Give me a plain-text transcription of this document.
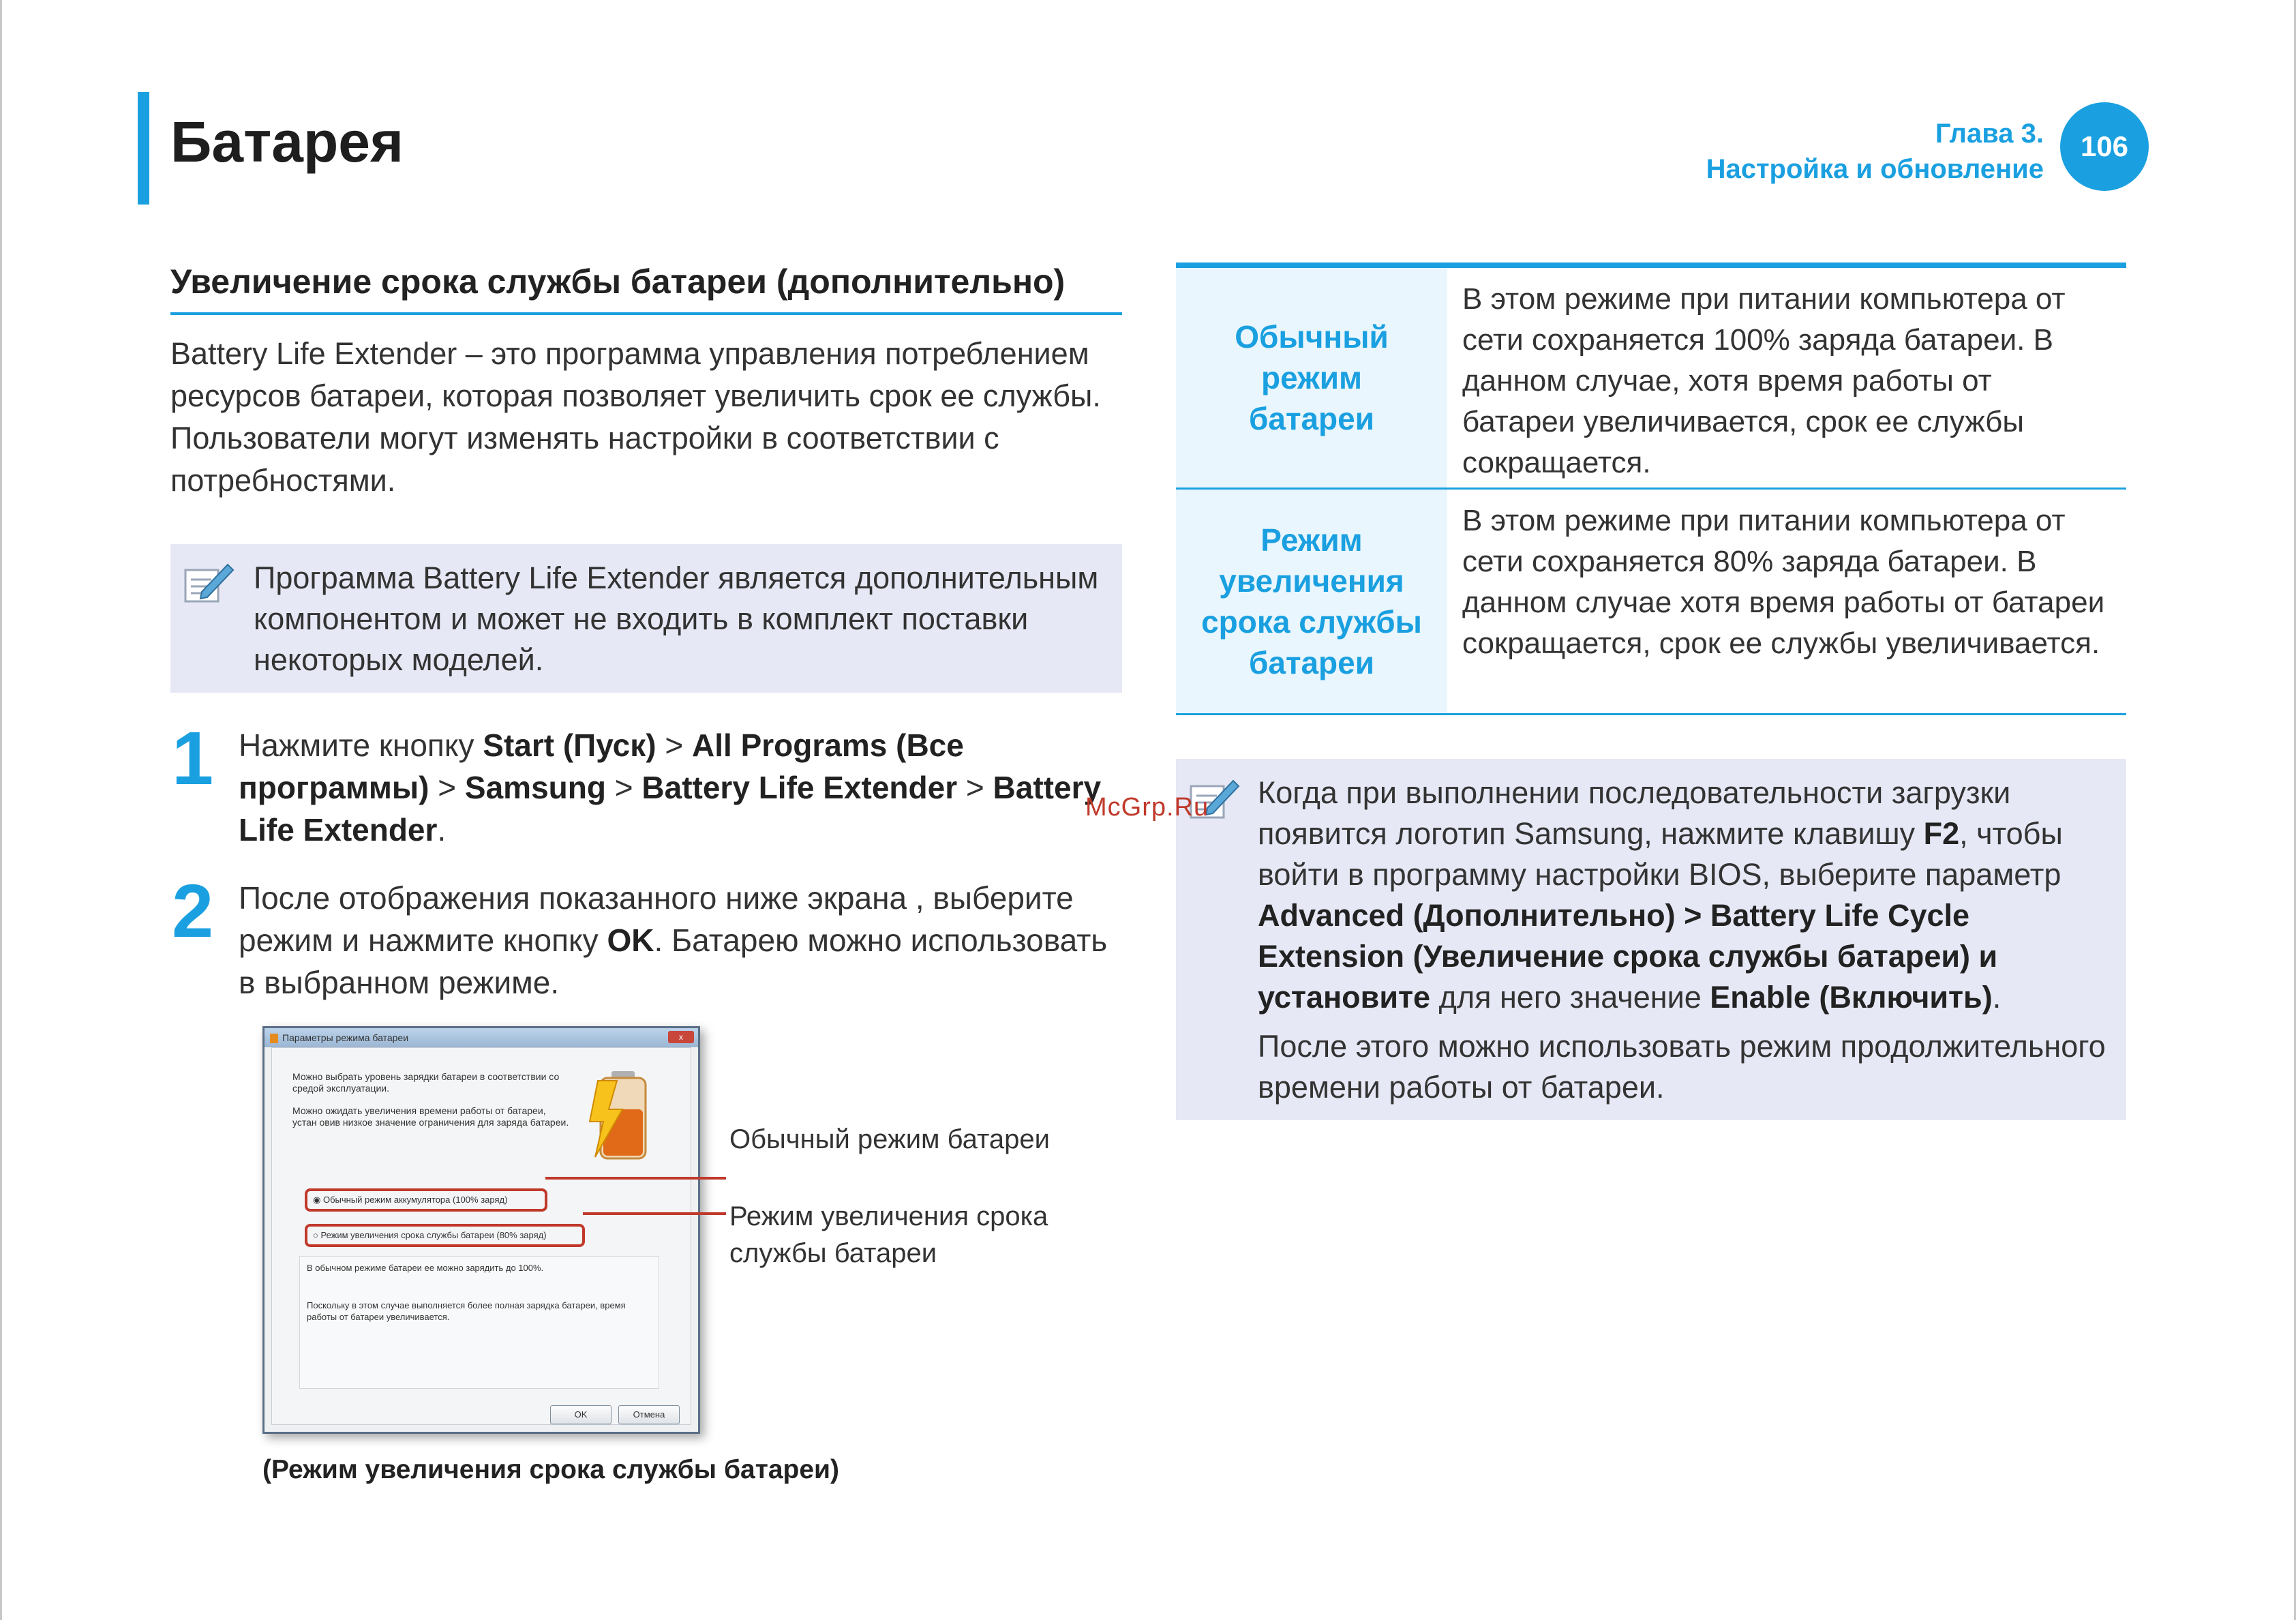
Батарея	Глава 3.
Настройка и обновление
106
Увеличение срока службы батареи (дополнительно)
Battery Life Extender – это программа управления потреблением ресурсов батареи, которая позволяет увеличить срок ее службы. Пользователи могут изменять настройки в соответствии с потребностями.
Программа Battery Life Extender является дополнительным компонентом и может не входить в комплект поставки некоторых моделей.
1 Нажмите кнопку Start (Пуск) > All Programs (Все программы) > Samsung > Battery Life Extender > Battery Life Extender.
2 После отображения показанного ниже экрана , выберите режим и нажмите кнопку OK. Батарею можно использовать в выбранном режиме.
Параметры режима батареи	x
Можно выбрать уровень зарядки батареи в соответствии со средой эксплуатации.
Можно ожидать увеличения времени работы от батареи, устан овив низкое значение ограничения для заряда батареи.
◉ Обычный режим аккумулятора (100% заряд)
○ Режим увеличения срока службы батареи (80% заряд)
В обычном режиме батареи ее можно зарядить до 100%.
Поскольку в этом случае выполняется более полная зарядка батареи, время работы от батареи увеличивается.
OK	Отмена
Обычный режим батареи
Режим увеличения срока службы батареи
(Режим увеличения срока службы батареи)
Обычный режим батареи
В этом режиме при питании компьютера от сети сохраняется 100% заряда батареи. В данном случае, хотя время работы от батареи увеличивается, срок ее службы сокращается.
Режим увеличения срока службы батареи
В этом режиме при питании компьютера от сети сохраняется 80% заряда батареи. В данном случае хотя время работы от батареи сокращается, срок ее службы увеличивается.
Когда при выполнении последовательности загрузки появится логотип Samsung, нажмите клавишу F2, чтобы войти в программу настройки BIOS, выберите параметр Advanced (Дополнительно) > Battery Life Cycle Extension (Увеличение срока службы батареи) и установите для него значение Enable (Включить).
После этого можно использовать режим продолжительного времени работы от батареи.
McGrp.Ru
